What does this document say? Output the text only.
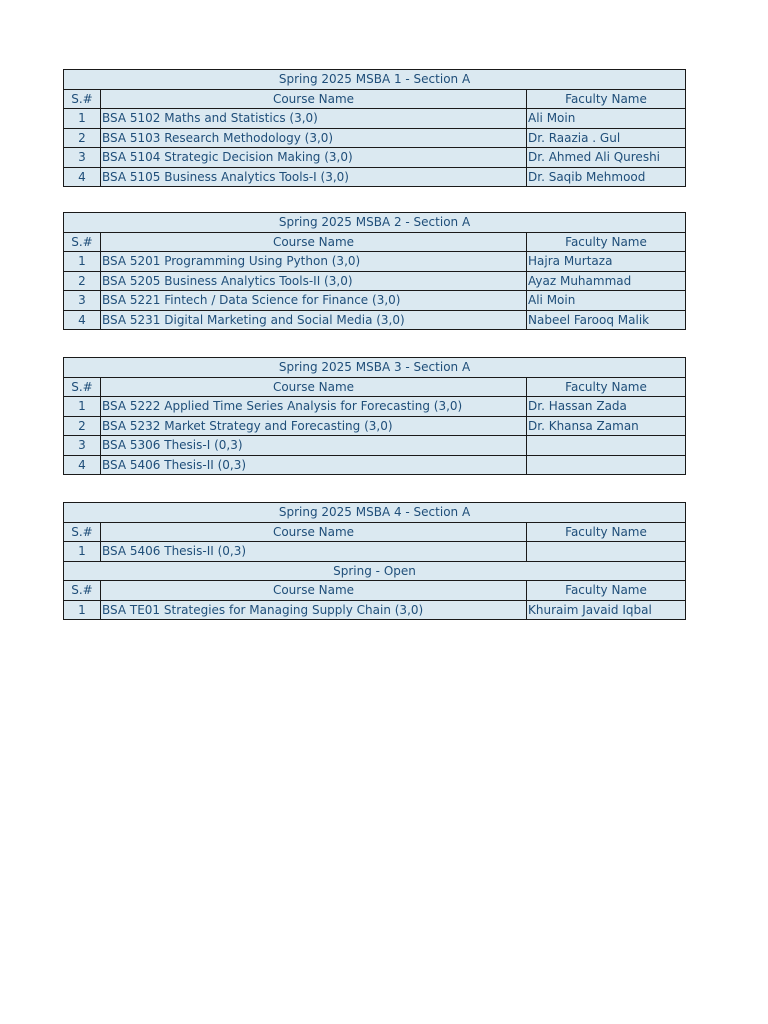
Spring 2025 MSBA 1 - Section A		
S.#	Course Name	Faculty Name
1	BSA 5102 Maths and Statistics (3,0)	Ali Moin
2	BSA 5103 Research Methodology (3,0)	Dr. Raazia . Gul
3	BSA 5104 Strategic Decision Making (3,0)	Dr. Ahmed Ali Qureshi
4	BSA 5105 Business Analytics Tools-I (3,0)	Dr. Saqib Mehmood
Spring 2025 MSBA 2 - Section A		
S.#	Course Name	Faculty Name
1	BSA 5201 Programming Using Python (3,0)	Hajra Murtaza
2	BSA 5205 Business Analytics Tools-II (3,0)	Ayaz Muhammad
3	BSA 5221 Fintech / Data Science for Finance (3,0)	Ali Moin
4	BSA 5231 Digital Marketing and Social Media (3,0)	Nabeel Farooq Malik
Spring 2025 MSBA 3 - Section A		
S.#	Course Name	Faculty Name
1	BSA 5222 Applied Time Series Analysis for Forecasting (3,0)	Dr. Hassan Zada
2	BSA 5232 Market Strategy and Forecasting (3,0)	Dr. Khansa Zaman
3	BSA 5306 Thesis-I (0,3)	
4	BSA 5406 Thesis-II (0,3)	
Spring 2025 MSBA 4 - Section A		
S.#	Course Name	Faculty Name
1	BSA 5406 Thesis-II (0,3)	
Spring - Open		
S.#	Course Name	Faculty Name
1	BSA TE01 Strategies for Managing Supply Chain (3,0)	Khuraim Javaid Iqbal
